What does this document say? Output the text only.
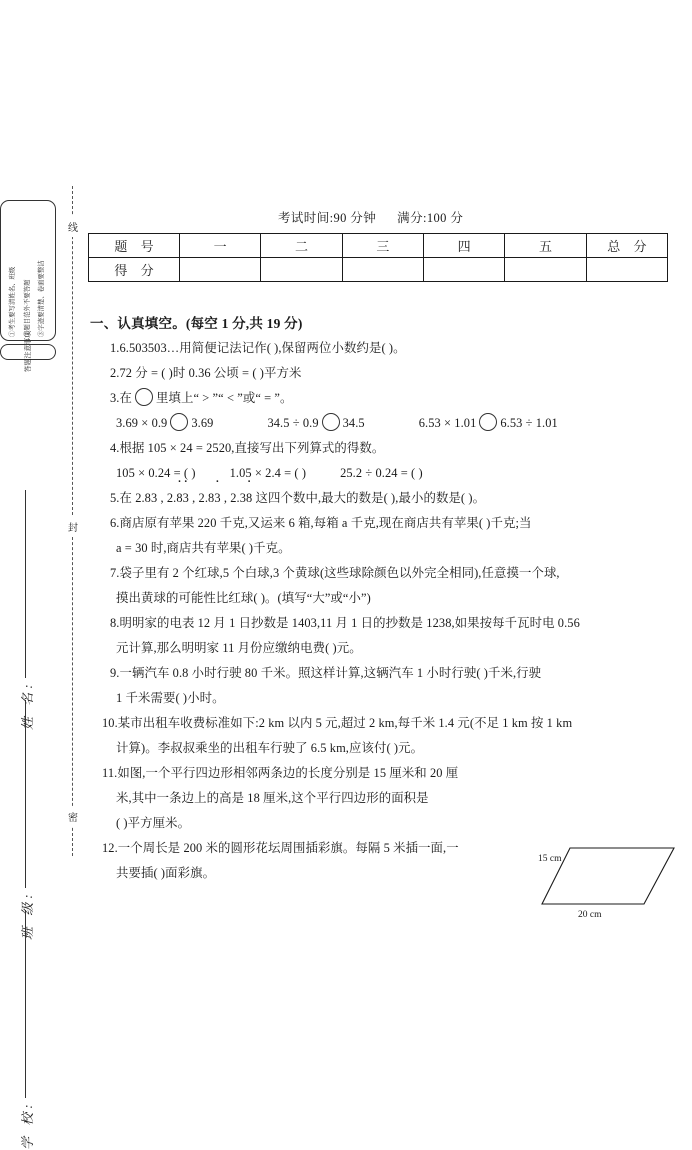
答题注意事项
①考生要写清姓名、班级 ②题目范外不要答题 ③字迹要清楚、卷面要整洁
线
封
密
姓 名:
班 级:
学 校:
考试时间:90 分钟 满分:100 分
题 号	一	二	三	四	五	总 分
得 分						
一、认真填空。(每空 1 分,共 19 分)
1.6.503503…用简便记法记作( ),保留两位小数约是( )。
2.72 分 = ( )时 0.36 公顷 = ( )平方米
3.在 里填上“ > ”“ < ”或“ = ”。
3.69 × 0.9 3.69	34.5 ÷ 0.9 34.5	6.53 × 1.01 6.53 ÷ 1.01
4.根据 105 × 24 = 2520,直接写出下列算式的得数。
105 × 0.24 = ( )	1.05 × 2.4 = ( )	25.2 ÷ 0.24 = ( )
5.在 2.83 , 2.· 8· 3 , 2.8· 3 , 2.3· 8 这四个数中,最大的数是( ),最小的数是( )。
6.商店原有苹果 220 千克,又运来 6 箱,每箱 a 千克,现在商店共有苹果( )千克;当
a = 30 时,商店共有苹果( )千克。
7.袋子里有 2 个红球,5 个白球,3 个黄球(这些球除颜色以外完全相同),任意摸一个球,
摸出黄球的可能性比红球( )。(填写“大”或“小”)
8.明明家的电表 12 月 1 日抄数是 1403,11 月 1 日的抄数是 1238,如果按每千瓦时电 0.56
元计算,那么明明家 11 月份应缴纳电费( )元。
9.一辆汽车 0.8 小时行驶 80 千米。照这样计算,这辆汽车 1 小时行驶( )千米,行驶
1 千米需要( )小时。
10.某市出租车收费标准如下:2 km 以内 5 元,超过 2 km,每千米 1.4 元(不足 1 km 按 1 km
计算)。李叔叔乘坐的出租车行驶了 6.5 km,应该付( )元。
11.如图,一个平行四边形相邻两条边的长度分别是 15 厘米和 20 厘
米,其中一条边上的高是 18 厘米,这个平行四边形的面积是
( )平方厘米。
12.一个周长是 200 米的圆形花坛周围插彩旗。每隔 5 米插一面,一
共要插( )面彩旗。
15 cm
20 cm
